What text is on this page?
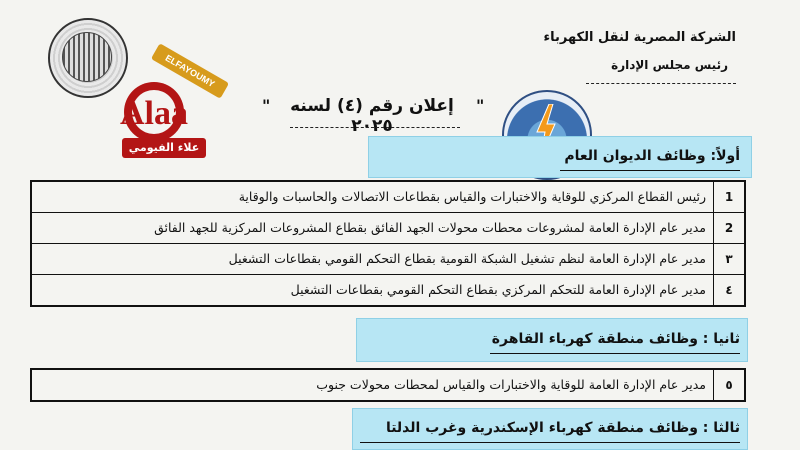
Alaa
ELFAYOUMY
علاء الفيومي
الشركة المصرية لنقل الكهرباء
رئيس مجلس الإدارة
"	إعلان رقم (٤) لسنه ٢٠٢٥
"
أولاً: وظائف الديوان العام
1
رئيس القطاع المركزي للوقاية والاختبارات والقياس بقطاعات الاتصالات والحاسبات والوقاية
2
مدير عام الإدارة العامة لمشروعات محطات محولات الجهد الفائق بقطاع المشروعات المركزية للجهد الفائق
٣
مدير عام الإدارة العامة لنظم تشغيل الشبكة القومية بقطاع التحكم القومي بقطاعات التشغيل
٤
مدير عام الإدارة العامة للتحكم المركزي بقطاع التحكم القومي بقطاعات التشغيل
ثانيا : وظائف منطقة كهرباء القاهرة
٥
مدير عام الإدارة العامة للوقاية والاختبارات والقياس لمحطات محولات جنوب
ثالثا : وظائف منطقة كهرباء الإسكندرية وغرب الدلتا
